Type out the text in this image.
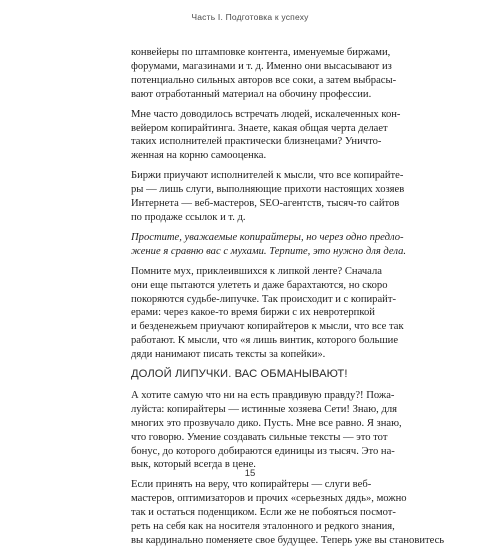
Часть I. Подготовка к успеху
конвейеры по штамповке контента, именуемые биржами,
форумами, магазинами и т. д. Именно они высасывают из
потенциально сильных авторов все соки, а затем выбрасы-
вают отработанный материал на обочину профессии.
Мне часто доводилось встречать людей, искалеченных кон-
вейером копирайтинга. Знаете, какая общая черта делает
таких исполнителей практически близнецами? Уничто-
женная на корню самооценка.
Биржи приучают исполнителей к мысли, что все копирайте-
ры — лишь слуги, выполняющие прихоти настоящих хозяев
Интернета — веб-мастеров, SEO-агентств, тысяч-то сайтов
по продаже ссылок и т. д.
Простите, уважаемые копирайтеры, но через одно предло-
жение я сравню вас с мухами. Терпите, это нужно для дела.
Помните мух, приклеившихся к липкой ленте? Сначала
они еще пытаются улететь и даже барахтаются, но скоро
покоряются судьбе-липучке. Так происходит и с копирайт-
ерами: через какое-то время биржи с их невротерпкой
и безденежьем приучают копирайтеров к мысли, что все так
работают. К мысли, что «я лишь винтик, которого большие
дяди нанимают писать тексты за копейки».
ДОЛОЙ ЛИПУЧКИ. ВАС ОБМАНЫВАЮТ!
А хотите самую что ни на есть правдивую правду?! Пожа-
луйста: копирайтеры — истинные хозяева Сети! Знаю, для
многих это прозвучало дико. Пусть. Мне все равно. Я знаю,
что говорю. Умение создавать сильные тексты — это тот
бонус, до которого добираются единицы из тысяч. Это на-
вык, который всегда в цене.
Если принять на веру, что копирайтеры — слуги веб-
мастеров, оптимизаторов и прочих «серьезных дядь», можно
так и остаться поденщиком. Если же не побояться посмот-
реть на себя как на носителя эталонного и редкого знания,
вы кардинально поменяете свое будущее. Теперь уже вы становитесь
15
